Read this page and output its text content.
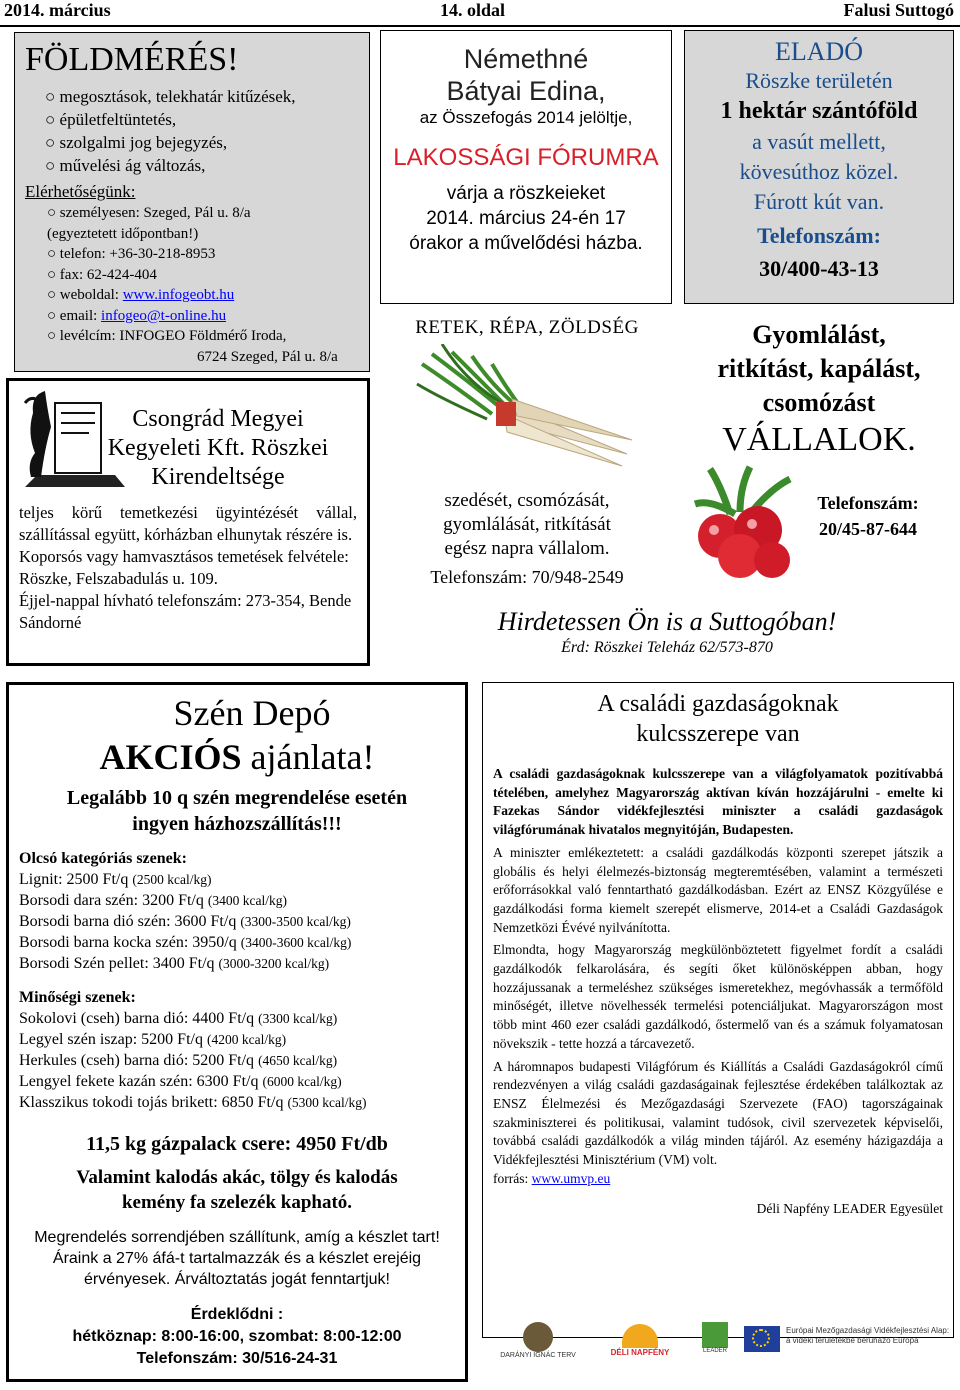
2014. március	14. oldal	Falusi Suttogó
FÖLDMÉRÉS!
○ megosztások, telekhatár kitűzések,
○ épületfeltüntetés,
○ szolgalmi jog bejegyzés,
○ művelési ág változás,
Elérhetőségünk:
○ személyesen: Szeged, Pál u. 8/a
(egyeztetett időpontban!)
○ telefon: +36-30-218-8953
○ fax: 62-424-404
○ weboldal: www.infogeobt.hu
○ email: infogeo@t-online.hu
○ levélcím: INFOGEO Földmérő Iroda,
6724 Szeged, Pál u. 8/a
Csongrád Megyei
Kegyeleti Kft. Röszkei
Kirendeltsége

teljes körű temetkezési ügyintézését vállal, szállítással együtt, kórházban elhunytak részére is.

Koporsós vagy hamvasztásos temetések felvétele: Röszke, Felszabadulás u. 109.

Éjjel-nappal hívható telefonszám: 273-354, Bende Sándorné

Némethné
Bátyai Edina,
az Összefogás 2014 jelöltje,
LAKOSSÁGI FÓRUMRA
várja a röszkeieket
2014. március 24-én 17
órakor a művelődési házba.
RETEK, RÉPA, ZÖLDSÉG
szedését, csomózását,
gyomlálását, ritkítását
egész napra vállalom.
Telefonszám: 70/948-2549
ELADÓ
Röszke területén
1 hektár szántóföld
a vasút mellett,
kövesúthoz közel.
Fúrott kút van.
Telefonszám:
30/400-43-13
Gyomlálást,
ritkítást, kapálást,
csomózást
VÁLLALOK.
Telefonszám:
20/45-87-644
Hirdetessen Ön is a Suttogóban!
Érd: Röszkei Teleház 62/573-870
Szén Depó
AKCIÓS ajánlata!
Legalább 10 q szén megrendelése esetén
ingyen házhozszállítás!!!
Olcsó kategóriás szenek:
Lignit: 2500 Ft/q (2500 kcal/kg)
Borsodi dara szén: 3200 Ft/q (3400 kcal/kg)
Borsodi barna dió szén: 3600 Ft/q (3300-3500 kcal/kg)
Borsodi barna kocka szén: 3950/q (3400-3600 kcal/kg)
Borsodi Szén pellet: 3400 Ft/q (3000-3200 kcal/kg)
Minőségi szenek:
Sokolovi (cseh) barna dió: 4400 Ft/q (3300 kcal/kg)
Legyel szén iszap: 5200 Ft/q (4200 kcal/kg)
Herkules (cseh) barna dió: 5200 Ft/q (4650 kcal/kg)
Lengyel fekete kazán szén: 6300 Ft/q (6000 kcal/kg)
Klasszikus tokodi tojás brikett: 6850 Ft/q (5300 kcal/kg)
11,5 kg gázpalack csere: 4950 Ft/db
Valamint kalodás akác, tölgy és kalodás
kemény fa szelezék kapható.
Megrendelés sorrendjében szállítunk, amíg a készlet tart!
Áraink a 27% áfá-t tartalmazzák és a készlet erejéig
érvényesek. Árváltoztatás jogát fenntartjuk!
Érdeklődni :
hétköznap: 8:00-16:00, szombat: 8:00-12:00
Telefonszám: 30/516-24-31
A családi gazdaságoknak
kulcsszerepe van

A családi gazdaságoknak kulcsszerepe van a világfolyamatok pozitívabbá tételében, amelyhez Magyarország aktívan kíván hozzájárulni - emelte ki Fazekas Sándor vidékfejlesztési miniszter a családi gazdaságok világfórumának hivatalos megnyitóján, Budapesten.

A miniszter emlékeztetett: a családi gazdálkodás központi szerepet játszik a globális és helyi élelmezés-biztonság megteremtésében, valamint a természeti erőforrásokkal való fenntartható gazdálkodásban. Ezért az ENSZ Közgyűlése e gazdálkodási forma kiemelt szerepét elismerve, 2014-et a Családi Gazdaságok Nemzetközi Évévé nyilvánította.

Elmondta, hogy Magyarország megkülönböztetett figyelmet fordít a családi gazdálkodók felkarolására, és segíti őket különösképpen abban, hogy hozzájussanak a termeléshez szükséges ismeretekhez, megóvhassák a termőföld minőségét, illetve növelhessék termelési potenciáljukat. Magyarországon most több mint 460 ezer családi gazdálkodó, őstermelő van és a számuk folyamatosan növekszik - tette hozzá a tárcavezető.

A háromnapos budapesti Világfórum és Kiállítás a Családi Gazdaságokról című rendezvényen a világ családi gazdaságainak fejlesztése érdekében találkoztak az ENSZ Élelmezési és Mezőgazdasági Szervezete (FAO) tagországainak szakminiszterei és politikusai, valamint tudósok, civil szervezetek képviselői, továbbá családi gazdálkodók a világ minden tájáról. Az esemény házigazdája a Vidékfejlesztési Minisztérium (VM) volt.

forrás: www.umvp.eu

Déli Napfény LEADER Egyesület

DARÁNYI IGNÁC TERV	DÉLI NAPFÉNY	LEADER
Európai Mezőgazdasági Vidékfejlesztési Alap:
a vidéki területekbe beruházó Európa
